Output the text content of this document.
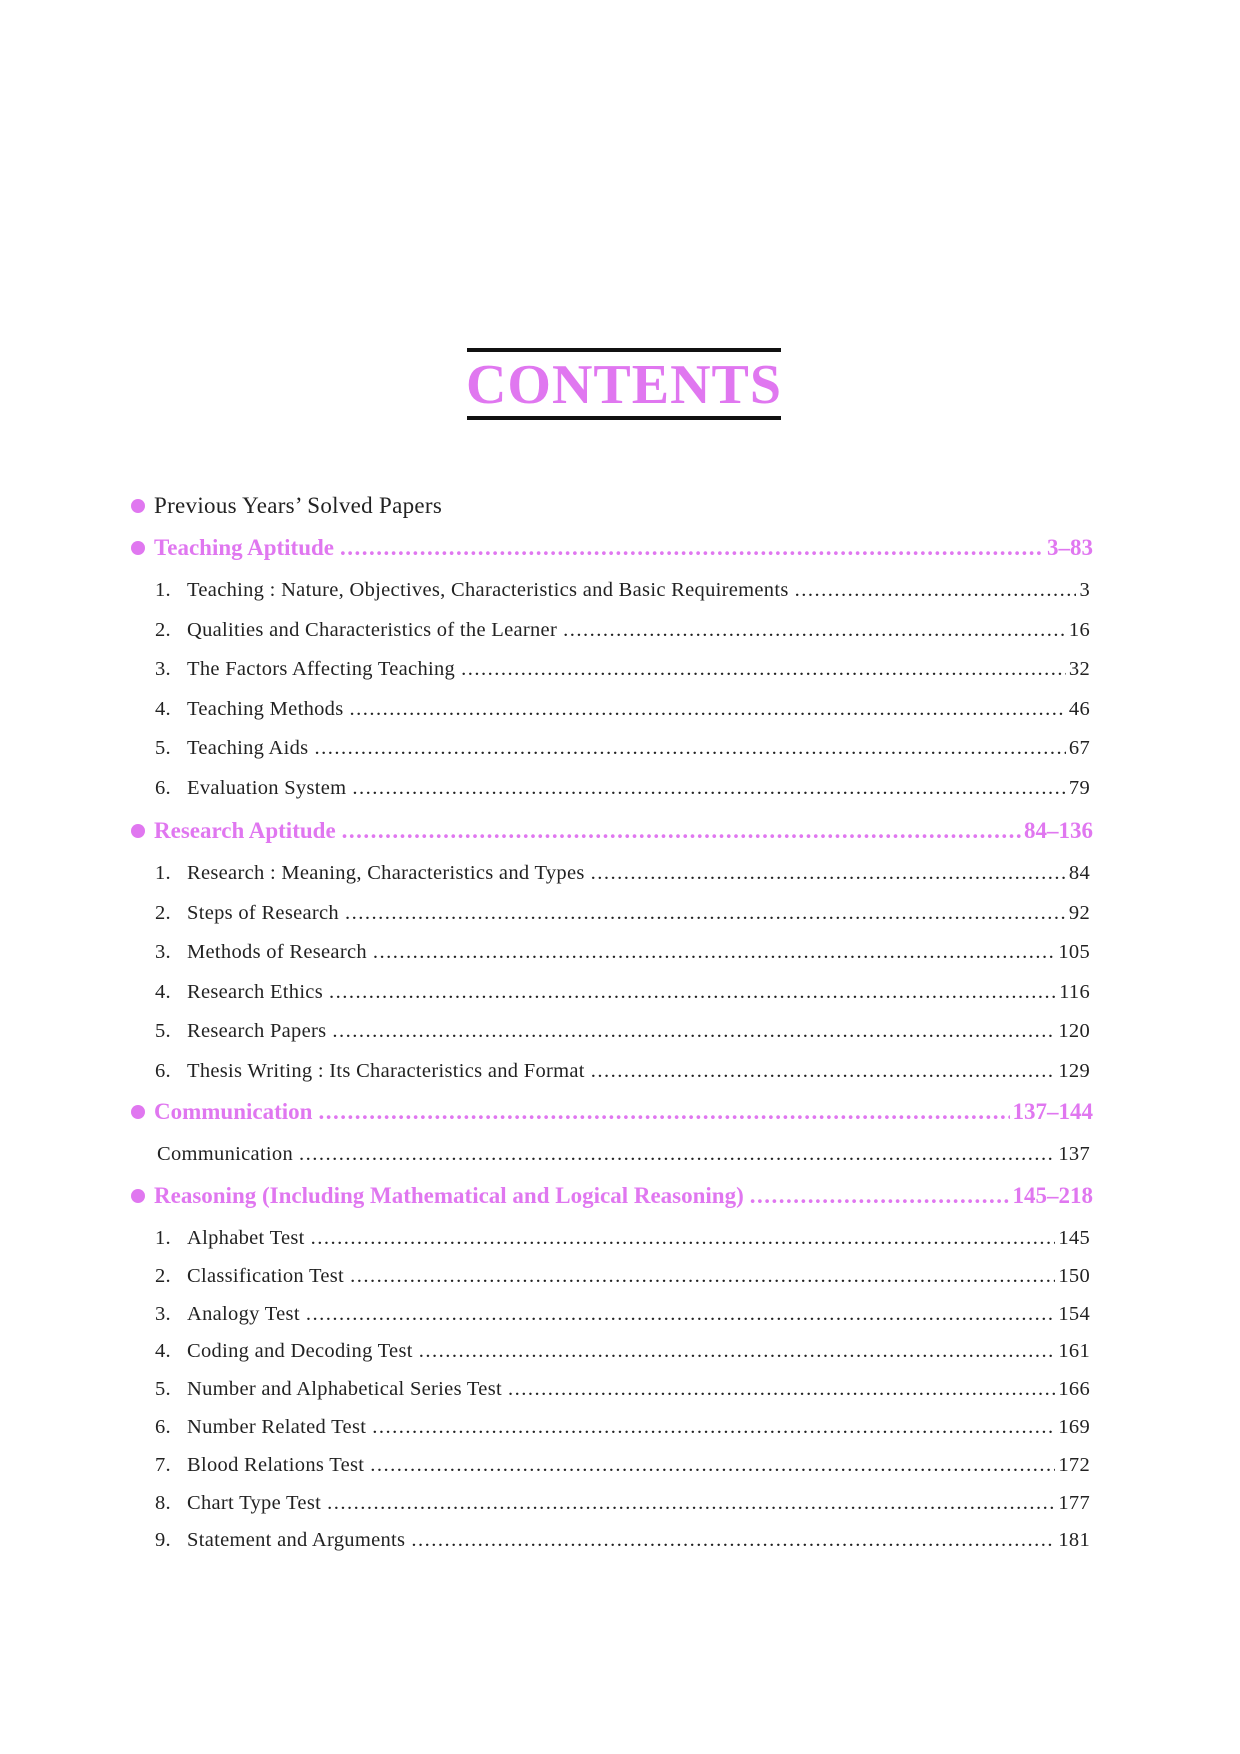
CONTENTS
Previous Years’ Solved Papers
Teaching Aptitude .....	3–83
1. Teaching : Nature, Objectives, Characteristics and Basic Requirements .....	3
2. Qualities and Characteristics of the Learner .....	16
3. The Factors Affecting Teaching .....	32
4. Teaching Methods .....	46
5. Teaching Aids .....	67
6. Evaluation System .....	79
Research Aptitude .....	84–136
1. Research : Meaning, Characteristics and Types .....	84
2. Steps of Research .....	92
3. Methods of Research .....	105
4. Research Ethics .....	116
5. Research Papers .....	120
6. Thesis Writing : Its Characteristics and Format .....	129
Communication .....	137–144
Communication .....	137
Reasoning (Including Mathematical and Logical Reasoning) .....	145–218
1. Alphabet Test .....	145
2. Classification Test .....	150
3. Analogy Test .....	154
4. Coding and Decoding Test .....	161
5. Number and Alphabetical Series Test .....	166
6. Number Related Test .....	169
7. Blood Relations Test .....	172
8. Chart Type Test .....	177
9. Statement and Arguments .....	181
